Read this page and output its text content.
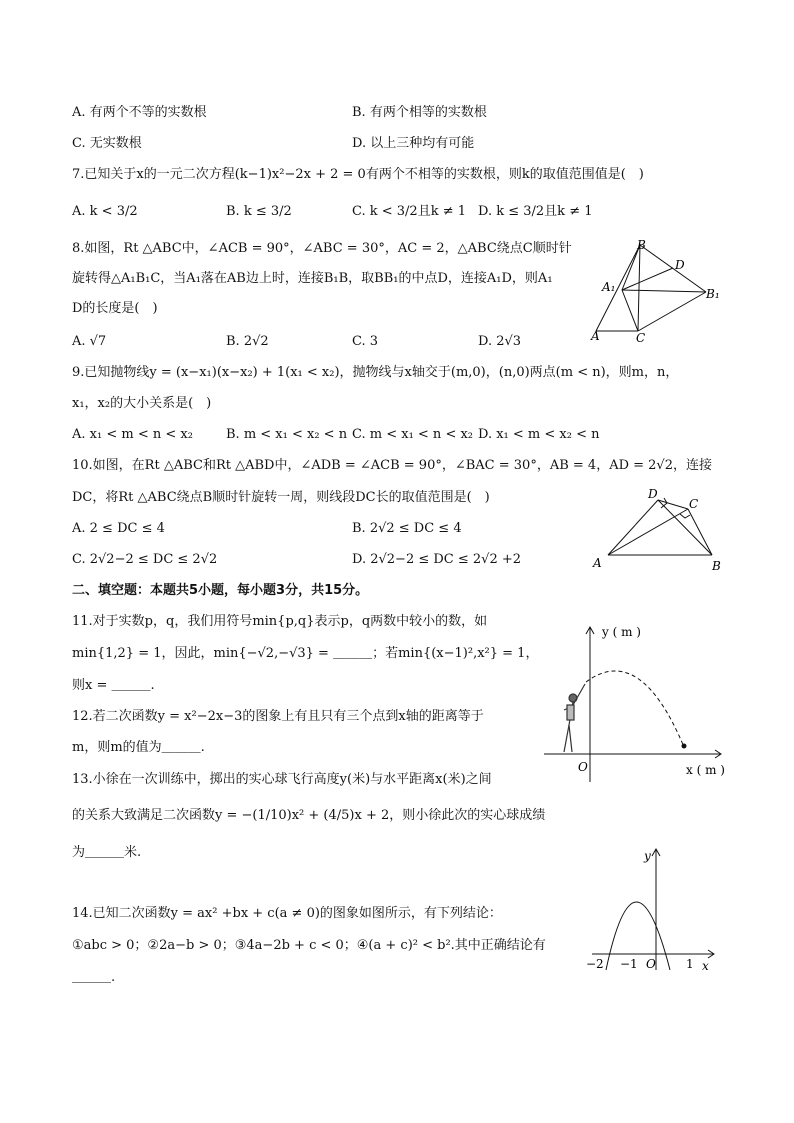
A. 有两个不等的实数根	B. 有两个相等的实数根
C. 无实数根	D. 以上三种均有可能
7.已知关于x的一元二次方程(k−1)x²−2x + 2 = 0有两个不相等的实数根，则k的取值范围值是(　)
A. k < 3/2	B. k ≤ 3/2	C. k < 3/2且k ≠ 1 D. k ≤ 3/2且k ≠ 1
8.如图，Rt △ABC中，∠ACB = 90°，∠ABC = 30°，AC = 2，△ABC绕点C顺时针
旋转得△A₁B₁C，当A₁落在AB边上时，连接B₁B，取BB₁的中点D，连接A₁D，则A₁
D的长度是(　)
A. √7	B. 2√2	C. 3	D. 2√3
B
D
A₁	B₁
A	C
9.已知抛物线y = (x−x₁)(x−x₂) + 1(x₁ < x₂)，抛物线与x轴交于(m,0)，(n,0)两点(m < n)，则m，n，
x₁，x₂的大小关系是(　)
A. x₁ < m < n < x₂	B. m < x₁ < x₂ < n C. m < x₁ < n < x₂ D. x₁ < m < x₂ < n
10.如图，在Rt △ABC和Rt △ABD中，∠ADB = ∠ACB = 90°，∠BAC = 30°，AB = 4，AD = 2√2，连接
DC，将Rt △ABC绕点B顺时针旋转一周，则线段DC长的取值范围是(　)
A. 2 ≤ DC ≤ 4	B. 2√2 ≤ DC ≤ 4
C. 2√2−2 ≤ DC ≤ 2√2	D. 2√2−2 ≤ DC ≤ 2√2 +2
D
C
A	B
二、填空题：本题共5小题，每小题3分，共15分。
11.对于实数p，q，我们用符号min{p,q}表示p，q两数中较小的数，如
min{1,2} = 1，因此，min{−√2,−√3} = ＿＿＿；若min{(x−1)²,x²} = 1，
则x = ＿＿＿.
12.若二次函数y = x²−2x−3的图象上有且只有三个点到x轴的距离等于
m，则m的值为＿＿＿.
13.小徐在一次训练中，掷出的实心球飞行高度y(米)与水平距离x(米)之间
的关系大致满足二次函数y = −(1/10)x² + (4/5)x + 2，则小徐此次的实心球成绩
为＿＿＿米.
y ( m )
O	x ( m )
14.已知二次函数y = ax² +bx + c(a ≠ 0)的图象如图所示，有下列结论：
①abc > 0；②2a−b > 0；③4a−2b + c < 0；④(a + c)² < b².其中正确结论有
＿＿＿.
y
−2 −1 O	1 x
